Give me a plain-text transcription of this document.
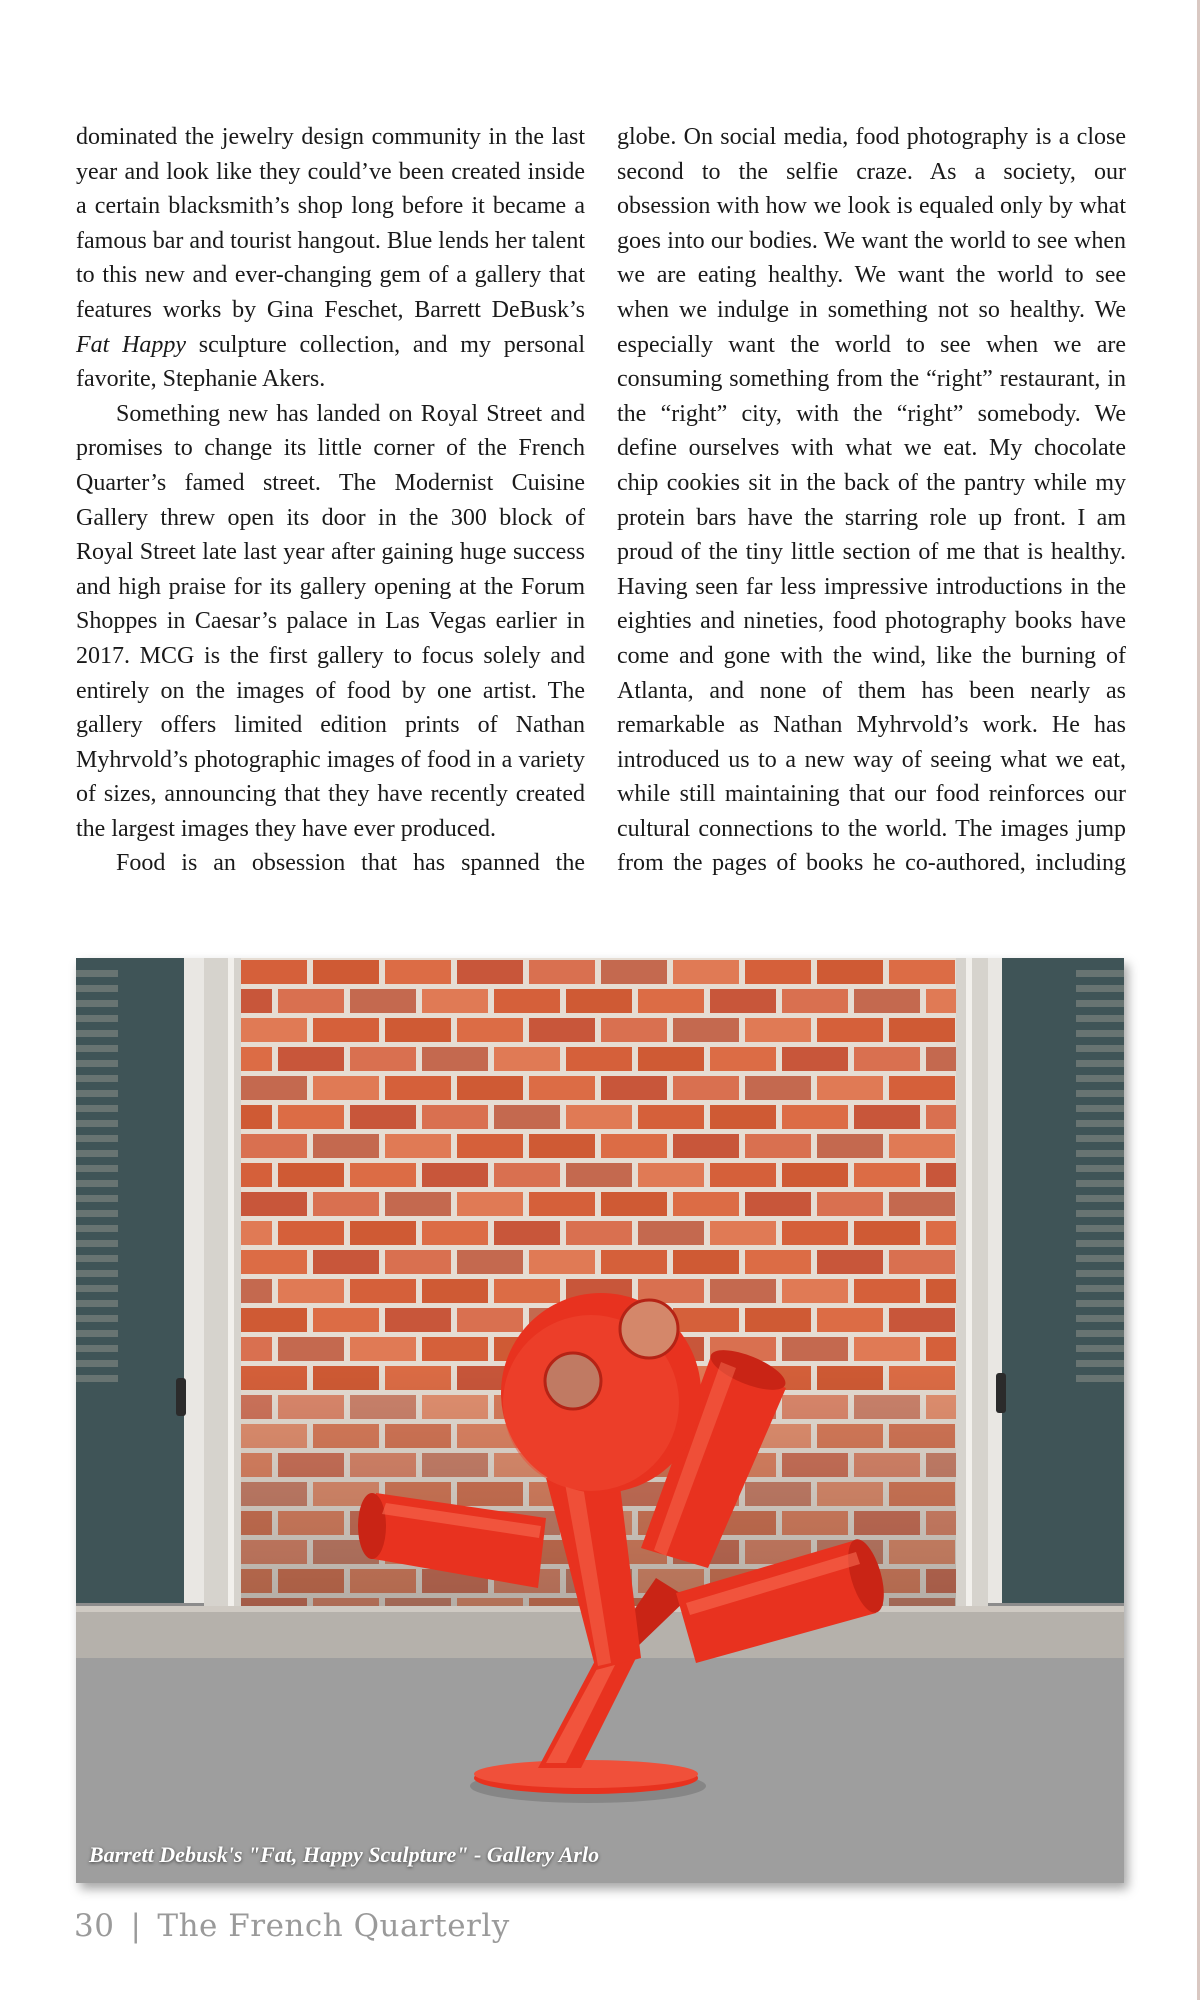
dominated the jewelry design community in the last year and look like they could’ve been created inside a certain blacksmith’s shop long before it became a famous bar and tourist hangout. Blue lends her talent to this new and ever-changing gem of a gallery that features works by Gina Feschet, Barrett DeBusk’s Fat Happy sculpture collection, and my personal favorite, Stephanie Akers.

Something new has landed on Royal Street and promises to change its little corner of the French Quarter’s famed street. The Modernist Cuisine Gallery threw open its door in the 300 block of Royal Street late last year after gaining huge success and high praise for its gallery opening at the Forum Shoppes in Caesar’s palace in Las Vegas earlier in 2017. MCG is the first gallery to focus solely and entirely on the images of food by one artist. The gallery offers limited edition prints of Nathan Myhrvold’s photographic images of food in a variety of sizes, announcing that they have recently created the largest images they have ever produced.

Food is an obsession that has spanned the

globe. On social media, food photography is a close second to the selfie craze. As a society, our obsession with how we look is equaled only by what goes into our bodies. We want the world to see when we are eating healthy. We want the world to see when we indulge in something not so healthy. We especially want the world to see when we are consuming something from the “right” restaurant, in the “right” city, with the “right” somebody. We define ourselves with what we eat. My chocolate chip cookies sit in the back of the pantry while my protein bars have the starring role up front. I am proud of the tiny little section of me that is healthy. Having seen far less impressive introductions in the eighties and nineties, food photography books have come and gone with the wind, like the burning of Atlanta, and none of them has been nearly as remarkable as Nathan Myhrvold’s work. He has introduced us to a new way of seeing what we eat, while still maintaining that our food reinforces our cultural connections to the world. The images jump from the pages of books he co-authored, including

Barrett Debusk's "Fat, Happy Sculpture" - Gallery Arlo
30 | The French Quarterly
